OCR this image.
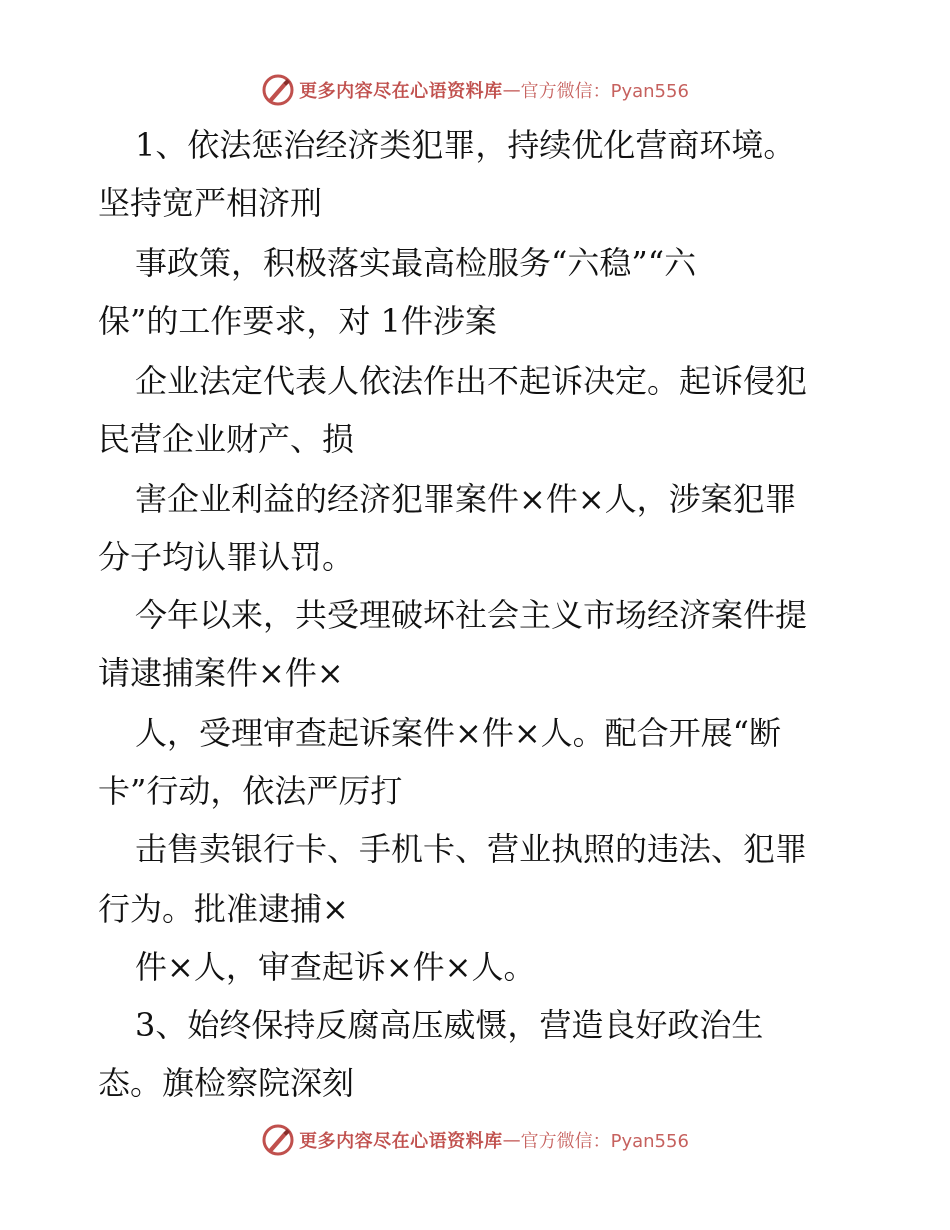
更多内容尽在心语资料库 — 官方微信：Pyan556
1、依法惩治经济类犯罪，持续优化营商环境。
坚持宽严相济刑
事政策，积极落实最高检服务“六稳”“六
保”的工作要求，对 1件涉案
企业法定代表人依法作出不起诉决定。起诉侵犯
民营企业财产、损
害企业利益的经济犯罪案件×件×人，涉案犯罪
分子均认罪认罚。
今年以来，共受理破坏社会主义市场经济案件提
请逮捕案件×件×
人，受理审查起诉案件×件×人。配合开展“断
卡”行动，依法严厉打
击售卖银行卡、手机卡、营业执照的违法、犯罪
行为。批准逮捕×
件×人，审查起诉×件×人。
3、始终保持反腐高压威慑，营造良好政治生
态。旗检察院深刻
更多内容尽在心语资料库 — 官方微信：Pyan556
